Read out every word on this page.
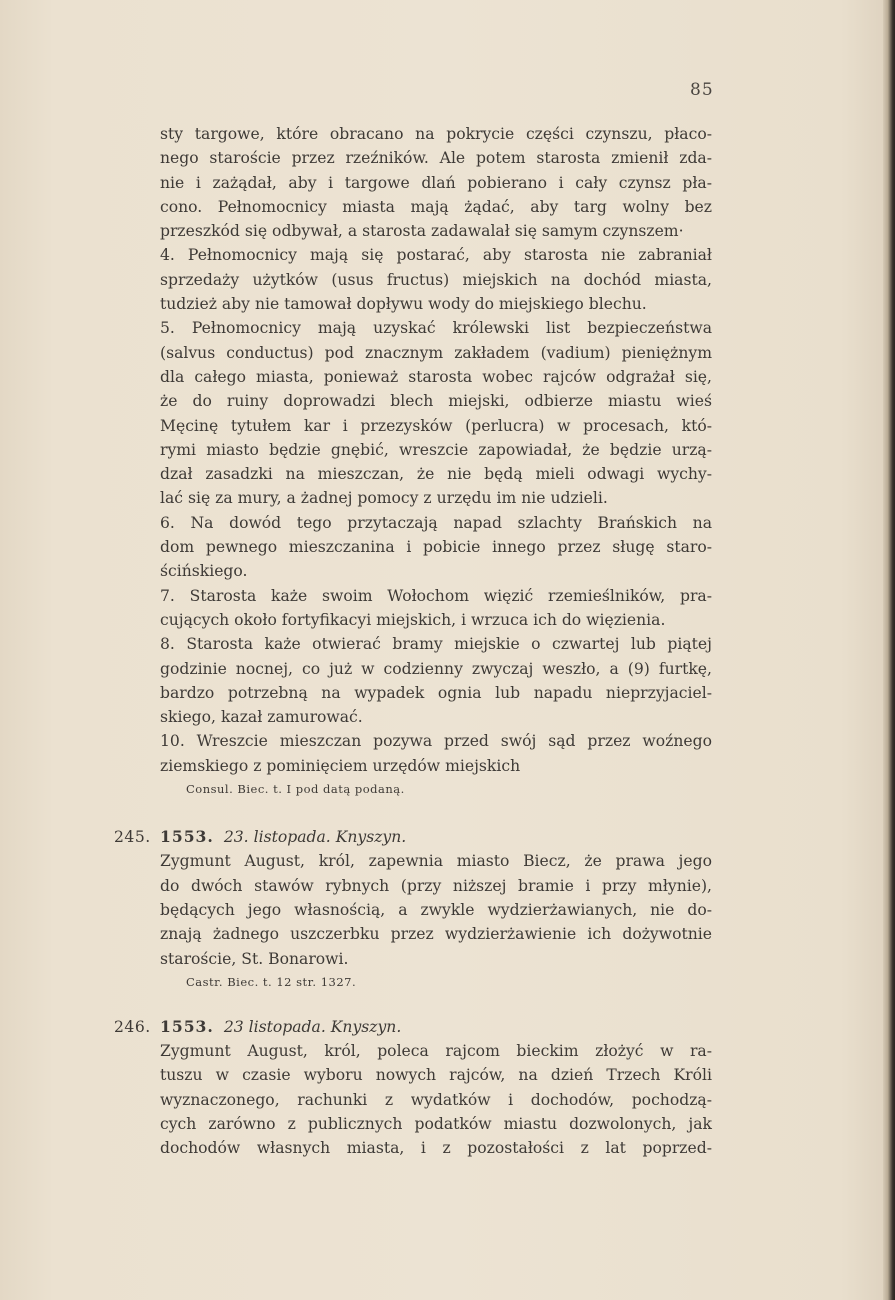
85
sty targowe, które obracano na pokrycie części czynszu, płaco-
nego staroście przez rzeźników. Ale potem starosta zmienił zda-
nie i zażądał, aby i targowe dlań pobierano i cały czynsz pła-
cono. Pełnomocnicy miasta mają żądać, aby targ wolny bez
przeszkód się odbywał, a starosta zadawalał się samym czynszem·
4. Pełnomocnicy mają się postarać, aby starosta nie zabraniał
sprzedaży użytków (usus fructus) miejskich na dochód miasta,
tudzież aby nie tamował dopływu wody do miejskiego blechu.
5. Pełnomocnicy mają uzyskać królewski list bezpieczeństwa
(salvus conductus) pod znacznym zakładem (vadium) pieniężnym
dla całego miasta, ponieważ starosta wobec rajców odgrażał się,
że do ruiny doprowadzi blech miejski, odbierze miastu wieś
Męcinę tytułem kar i przezysków (perlucra) w procesach, któ-
rymi miasto będzie gnębić, wreszcie zapowiadał, że będzie urzą-
dzał zasadzki na mieszczan, że nie będą mieli odwagi wychy-
lać się za mury, a żadnej pomocy z urzędu im nie udzieli.
6. Na dowód tego przytaczają napad szlachty Brańskich na
dom pewnego mieszczanina i pobicie innego przez sługę staro-
ścińskiego.
7. Starosta każe swoim Wołochom więzić rzemieślników, pra-
cujących około fortyfikacyi miejskich, i wrzuca ich do więzienia.
8. Starosta każe otwierać bramy miejskie o czwartej lub piątej
godzinie nocnej, co już w codzienny zwyczaj weszło, a (9) furtkę,
bardzo potrzebną na wypadek ognia lub napadu nieprzyjaciel-
skiego, kazał zamurować.
10. Wreszcie mieszczan pozywa przed swój sąd przez woźnego
ziemskiego z pominięciem urzędów miejskich
Consul. Biec. t. I pod datą podaną.
245. 1553. 23. listopada. Knyszyn.
Zygmunt August, król, zapewnia miasto Biecz, że prawa jego
do dwóch stawów rybnych (przy niższej bramie i przy młynie),
będących jego własnością, a zwykle wydzierżawianych, nie do-
znają żadnego uszczerbku przez wydzierżawienie ich dożywotnie
staroście, St. Bonarowi.
Castr. Biec. t. 12 str. 1327.
246. 1553. 23 listopada. Knyszyn.
Zygmunt August, król, poleca rajcom bieckim złożyć w ra-
tuszu w czasie wyboru nowych rajców, na dzień Trzech Króli
wyznaczonego, rachunki z wydatków i dochodów, pochodzą-
cych zarówno z publicznych podatków miastu dozwolonych, jak
dochodów własnych miasta, i z pozostałości z lat poprzed-
